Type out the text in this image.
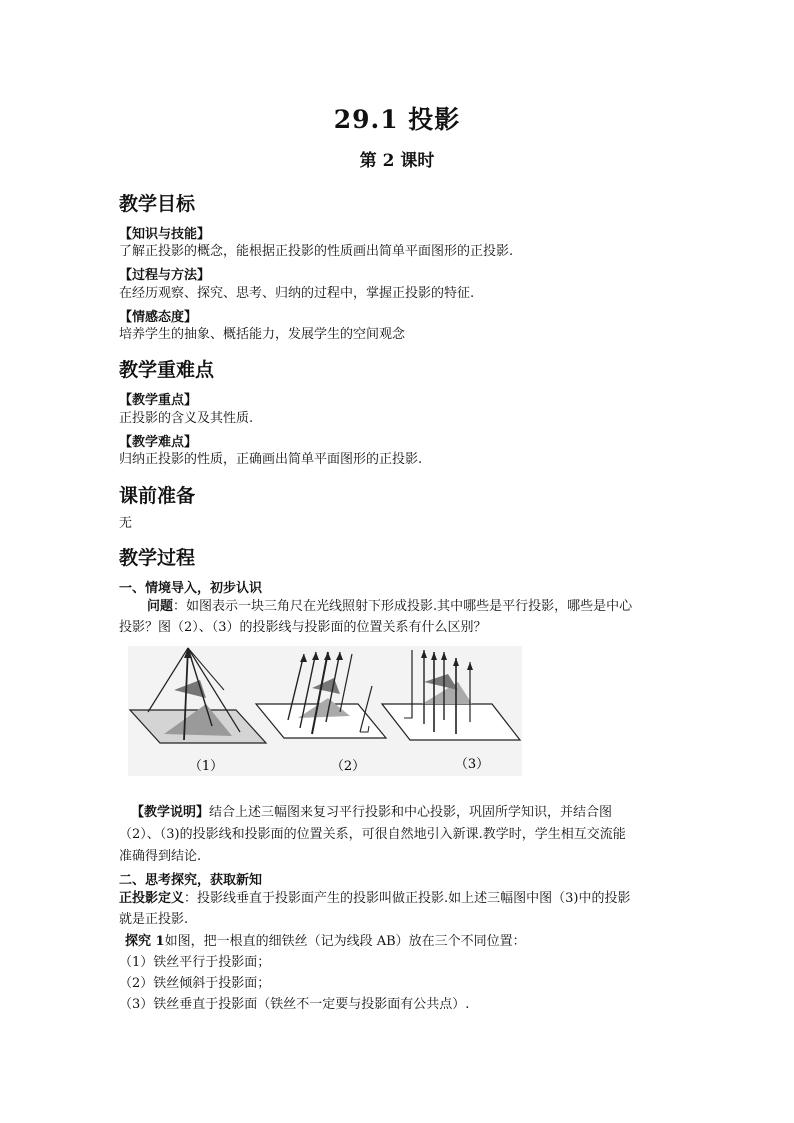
29.1 投影
第 2 课时
教学目标
【知识与技能】
了解正投影的概念，能根据正投影的性质画出简单平面图形的正投影.
【过程与方法】
在经历观察、探究、思考、归纳的过程中，掌握正投影的特征.
【情感态度】
培养学生的抽象、概括能力，发展学生的空间观念
教学重难点
【教学重点】
正投影的含义及其性质.
【教学难点】
归纳正投影的性质，正确画出简单平面图形的正投影.
课前准备
无
教学过程
一、情境导入，初步认识
问题：如图表示一块三角尺在光线照射下形成投影.其中哪些是平行投影，哪些是中心
投影？图（2）、（3）的投影线与投影面的位置关系有什么区别？
（1）	（2）	（3）
【教学说明】结合上述三幅图来复习平行投影和中心投影，巩固所学知识，并结合图
（2）、（3)的投影线和投影面的位置关系，可很自然地引入新课.教学时，学生相互交流能
准确得到结论.
二、思考探究，获取新知
正投影定义：投影线垂直于投影面产生的投影叫做正投影.如上述三幅图中图（3)中的投影
就是正投影.
探究 1如图，把一根直的细铁丝（记为线段 AB）放在三个不同位置：
（1）铁丝平行于投影面；
（2）铁丝倾斜于投影面；
（3）铁丝垂直于投影面（铁丝不一定要与投影面有公共点）.
